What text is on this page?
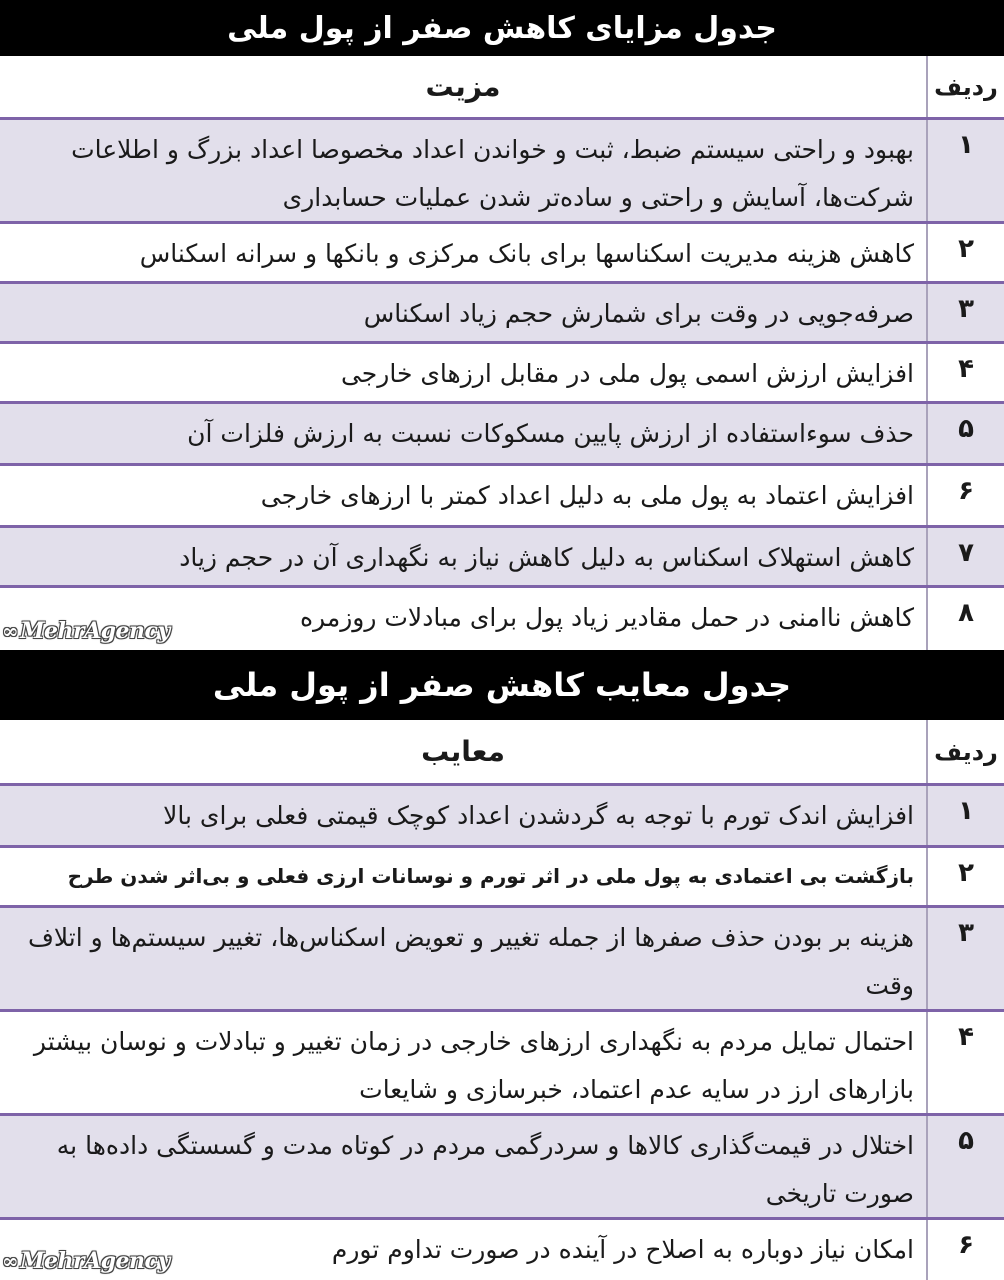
جدول مزایای کاهش صفر از پول ملی
ردیف
مزیت
۱
بهبود و راحتی سیستم ضبط، ثبت و خواندن اعداد مخصوصا اعداد بزرگ و اطلاعات شرکت‌ها، آسایش و راحتی و ساده‌تر شدن عملیات حسابداری
۲
کاهش هزینه مدیریت اسکناسها برای بانک مرکزی و بانکها و سرانه اسکناس
۳
صرفه‌جویی در وقت برای شمارش حجم زیاد اسکناس
۴
افزایش ارزش اسمی پول ملی در مقابل ارزهای خارجی
۵
حذف سوءاستفاده از ارزش پایین مسکوکات نسبت به ارزش فلزات آن
۶
افزایش اعتماد به پول ملی به دلیل اعداد کمتر با ارزهای خارجی
۷
کاهش استهلاک اسکناس به دلیل کاهش نیاز به نگهداری آن در حجم زیاد
۸
کاهش ناامنی در حمل مقادیر زیاد پول برای مبادلات روزمره
∞ MehrAgency
جدول معایب کاهش صفر از پول ملی
ردیف
معایب
۱
افزایش اندک تورم با توجه به گردشدن اعداد کوچک قیمتی فعلی برای بالا
۲
بازگشت بی اعتمادی به پول ملی در اثر تورم و نوسانات ارزی فعلی و بی‌اثر شدن طرح
۳
هزینه بر بودن حذف صفرها از جمله تغییر و تعویض اسکناس‌ها، تغییر سیستم‌ها و اتلاف وقت
۴
احتمال تمایل مردم به نگهداری ارزهای خارجی در زمان تغییر و تبادلات و نوسان بیشتر بازارهای ارز در سایه عدم اعتماد، خبرسازی و شایعات
۵
اختلال در قیمت‌گذاری کالاها و سردرگمی مردم در کوتاه مدت و گسستگی داده‌ها به صورت تاریخی
۶
امکان نیاز دوباره به اصلاح در آینده در صورت تداوم تورم
∞ MehrAgency
